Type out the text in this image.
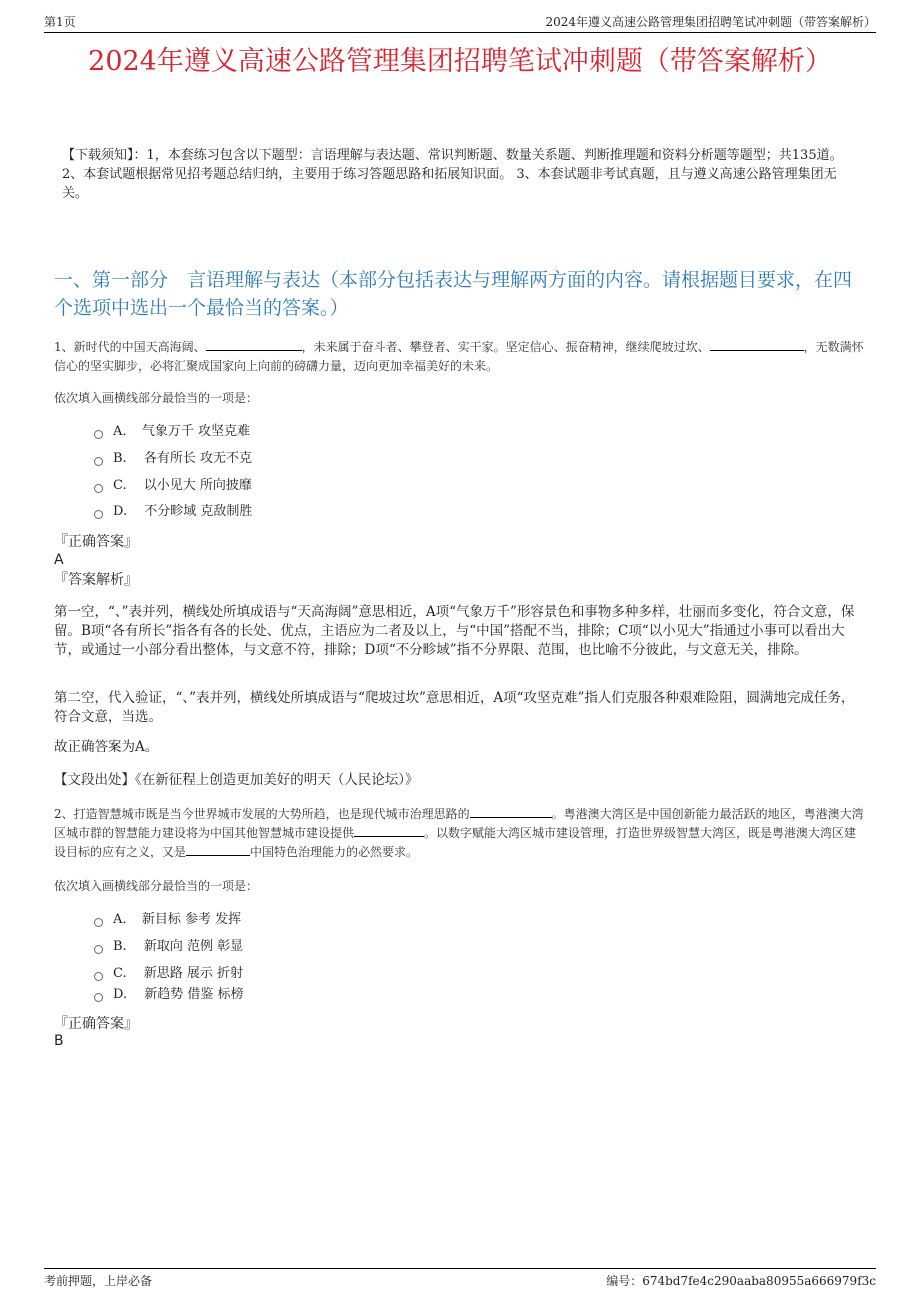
第1页	2024年遵义高速公路管理集团招聘笔试冲刺题（带答案解析）
2024年遵义高速公路管理集团招聘笔试冲刺题（带答案解析）
【下载须知】：1，本套练习包含以下题型：言语理解与表达题、常识判断题、数量关系题、判断推理题和资料分析题等题型；共135道。 2、本套试题根据常见招考题总结归纳，主要用于练习答题思路和拓展知识面。 3、本套试题非考试真题，且与遵义高速公路管理集团无关。
一、第一部分　言语理解与表达（本部分包括表达与理解两方面的内容。请根据题目要求，在四个选项中选出一个最恰当的答案。）
1、新时代的中国天高海阔、	，未来属于奋斗者、攀登者、实干家。坚定信心、振奋精神，继续爬坡过坎、	，无数满怀信心的坚实脚步，必将汇聚成国家向上向前的磅礴力量，迈向更加幸福美好的未来。
依次填入画横线部分最恰当的一项是：
A．　气象万千 攻坚克难
B.　 各有所长 攻无不克
C.　 以小见大 所向披靡
D.　 不分畛域 克敌制胜
『正确答案』
A
『答案解析』
第一空，“、”表并列，横线处所填成语与“天高海阔”意思相近，A项“气象万千”形容景色和事物多种多样，壮丽而多变化，符合文意，保留。B项“各有所长”指各有各的长处、优点，主语应为二者及以上，与“中国”搭配不当，排除；C项“以小见大”指通过小事可以看出大节，或通过一小部分看出整体，与文意不符，排除；D项“不分畛域”指不分界限、范围，也比喻不分彼此，与文意无关，排除。
第二空，代入验证，“、”表并列，横线处所填成语与“爬坡过坎”意思相近，A项“攻坚克难”指人们克服各种艰难险阻，圆满地完成任务，符合文意，当选。
故正确答案为A。
【文段出处】《在新征程上创造更加美好的明天（人民论坛）》
2、打造智慧城市既是当今世界城市发展的大势所趋，也是现代城市治理思路的	。粤港澳大湾区是中国创新能力最活跃的地区，粤港澳大湾区城市群的智慧能力建设将为中国其他智慧城市建设提供	。以数字赋能大湾区城市建设管理，打造世界级智慧大湾区，既是粤港澳大湾区建设目标的应有之义，又是	中国特色治理能力的必然要求。
依次填入画横线部分最恰当的一项是：
A．　新目标 参考 发挥
B.　 新取向 范例 彰显
C.　 新思路 展示 折射
D.　 新趋势 借鉴 标榜
『正确答案』
B
考前押题，上岸必备	编号：674bd7fe4c290aaba80955a666979f3c
